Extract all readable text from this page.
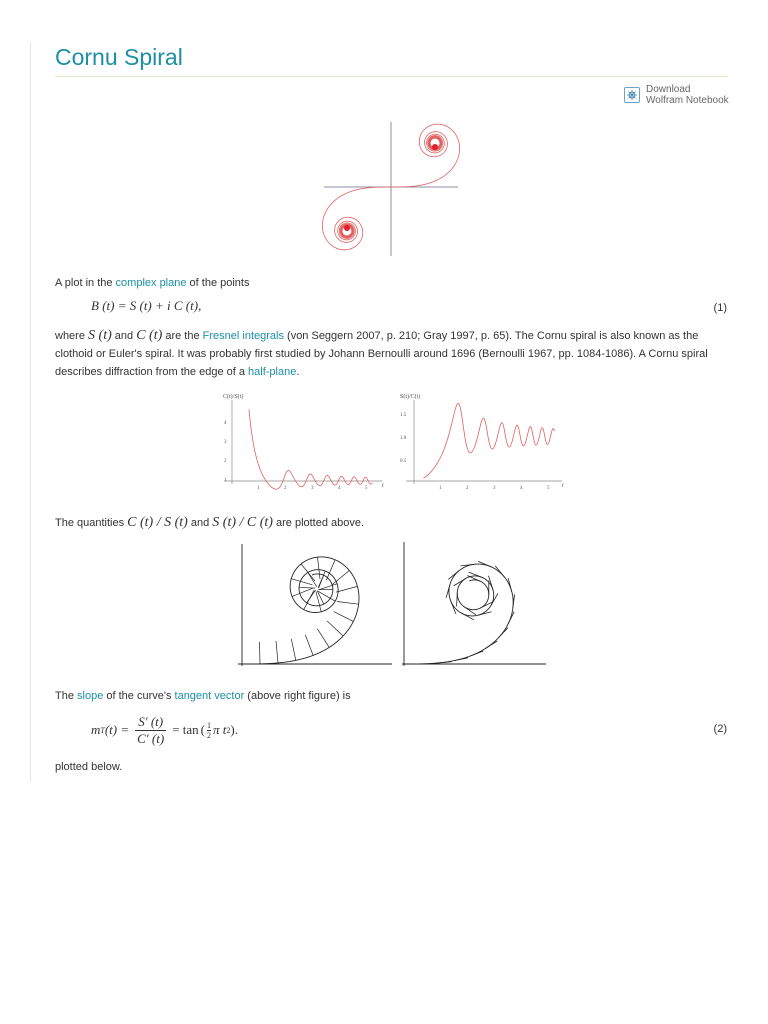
Cornu Spiral
Download
Wolfram Notebook

A plot in the complex plane of the points

B (t) = S (t) + i C (t),	(1)

where S (t) and C (t) are the Fresnel integrals (von Seggern 2007, p. 210; Gray 1997, p. 65). The Cornu spiral is also known as the clothoid or Euler's spiral. It was probably first studied by Johann Bernoulli around 1696 (Bernoulli 1967, pp. 1084-1086). A Cornu spiral describes diffraction from the edge of a half-plane.

C(t)/S(t)
4
3
2
1
1	2	3	4	5 t
S(t)/C(t)
1.5
1.0
0.5
1	2	3	4	5 t

The quantities C (t) / S (t) and S (t) / C (t) are plotted above.

The slope of the curve's tangent vector (above right figure) is

m T $(t) = \frac{S' (t)}{C' (t)} = \tan$ ( $\frac{1}{2}$ π t 2 ).	(2)

plotted below.
